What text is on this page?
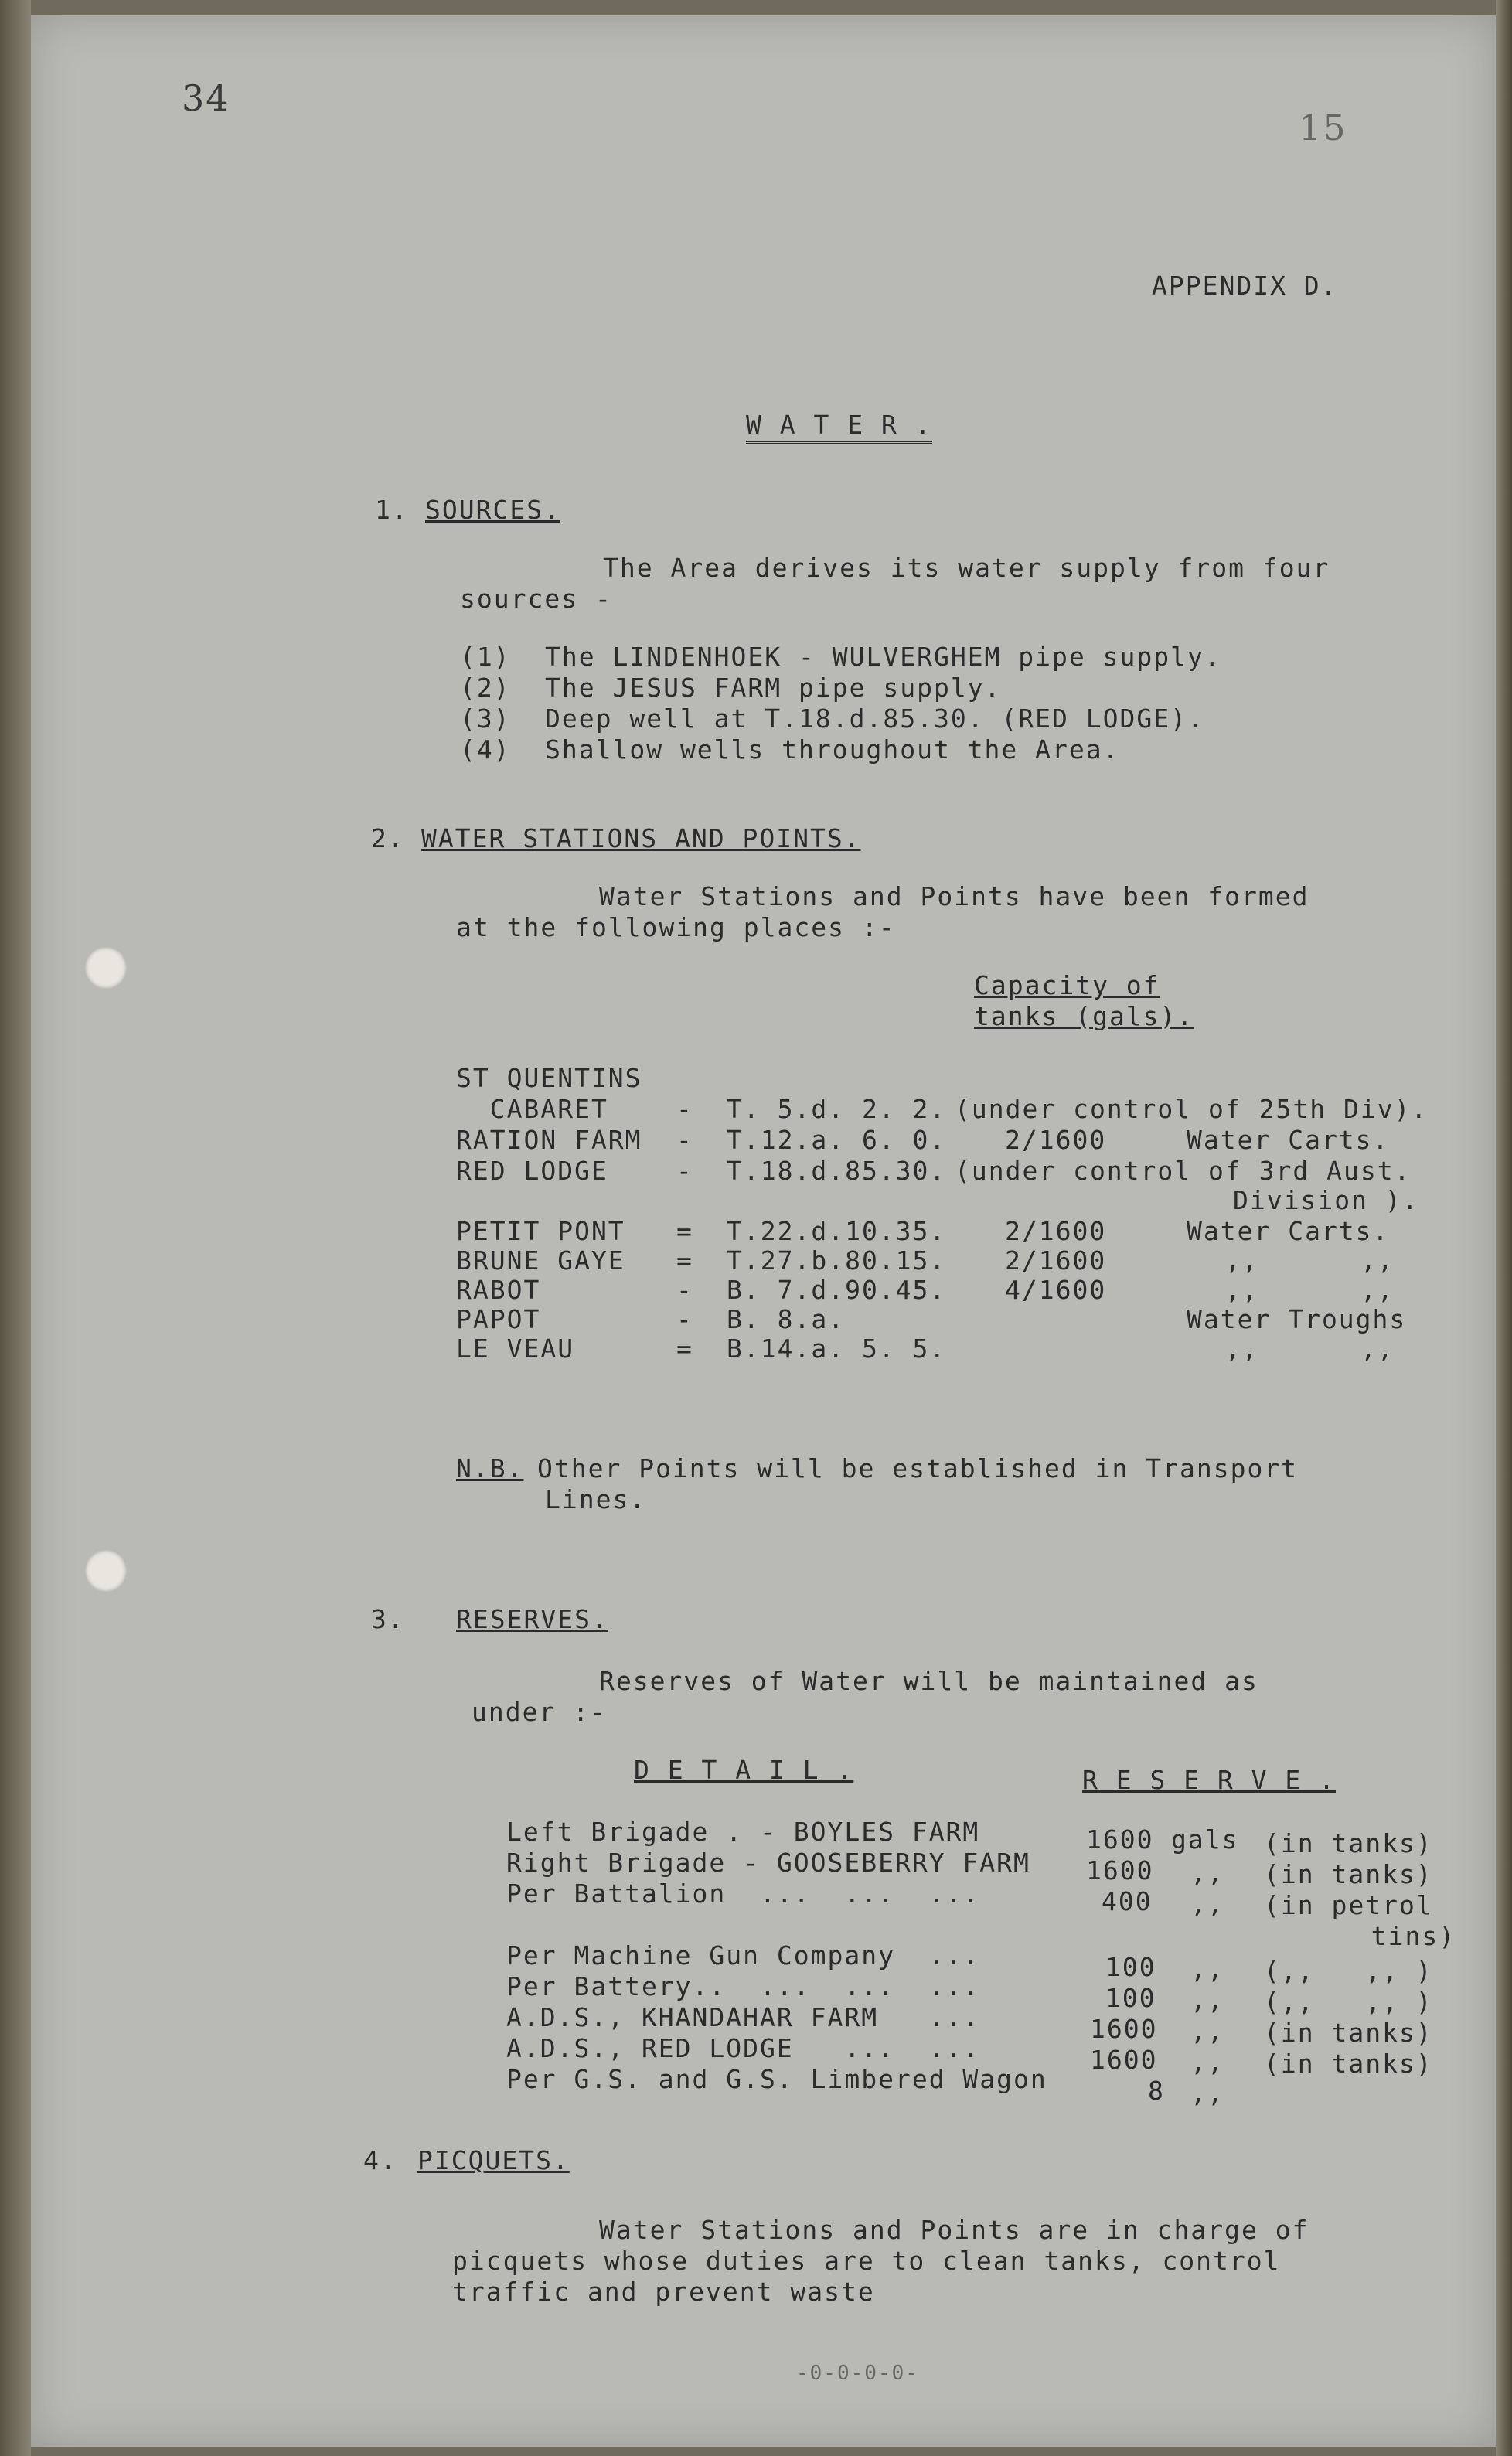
34
15
APPENDIX D.
W A T E R .
1. SOURCES.
The Area derives its water supply from four
sources -
(1) The LINDENHOEK - WULVERGHEM pipe supply.
(2) The JESUS FARM pipe supply.
(3) Deep well at T.18.d.85.30. (RED LODGE).
(4) Shallow wells throughout the Area.
2. WATER STATIONS AND POINTS.
Water Stations and Points have been formed
at the following places :-
Capacity of
tanks (gals).
ST QUENTINS
CABARET	- T. 5.d. 2. 2. (under control of 25th Div).
RATION FARM - T.12.a. 6. 0. 2/1600	Water Carts.
RED LODGE	- T.18.d.85.30. (under control of 3rd Aust.
Division ).
PETIT PONT = T.22.d.10.35. 2/1600	Water Carts.
BRUNE GAYE = T.27.b.80.15. 2/1600	,,      ,,
RABOT	- B. 7.d.90.45. 4/1600	,,      ,,
PAPOT	- B. 8.a.	Water Troughs
LE VEAU	= B.14.a. 5. 5.	,,      ,,
N.B. Other Points will be established in Transport
Lines.
3. RESERVES.
Reserves of Water will be maintained as
under :-
D E T A I L .	R E S E R V E .
Left Brigade . - BOYLES FARM	1600 gals (in tanks)
Right Brigade - GOOSEBERRY FARM 1600 ,, (in tanks)
Per Battalion  ...  ...  ...	400 ,, (in petrol
tins)
Per Machine Gun Company  ...	100 ,, (,,   ,, )
Per Battery..  ...  ...  ...	100 ,, (,,   ,, )
A.D.S., KHANDAHAR FARM   ...	1600 ,, (in tanks)
A.D.S., RED LODGE   ...  ...	1600 ,, (in tanks)
Per G.S. and G.S. Limbered Wagon	8 ,,
4. PICQUETS.
Water Stations and Points are in charge of
picquets whose duties are to clean tanks, control
traffic and prevent waste
-0-0-0-0-
